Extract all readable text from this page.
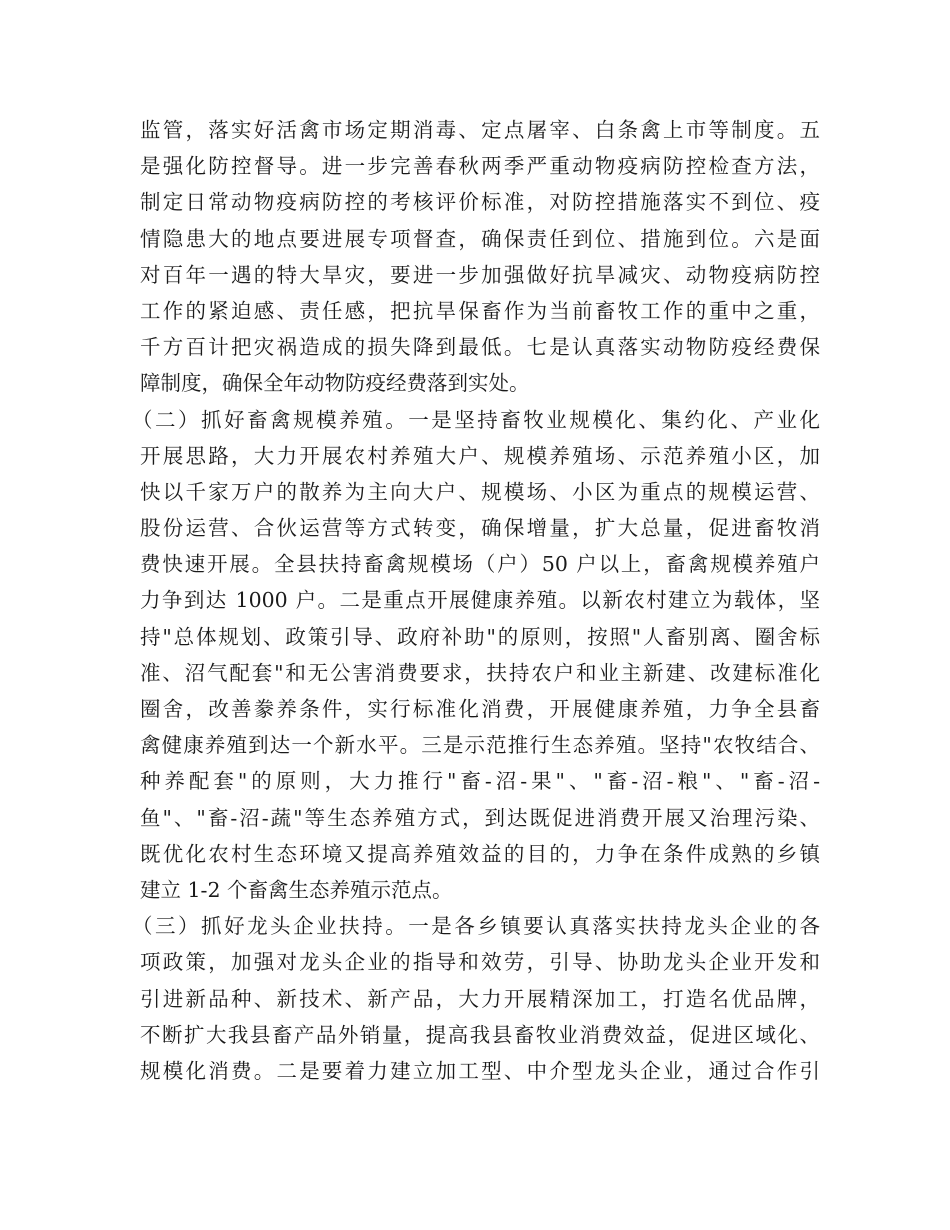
监管，落实好活禽市场定期消毒、定点屠宰、白条禽上市等制度。五
是强化防控督导。进一步完善春秋两季严重动物疫病防控检查方法，
制定日常动物疫病防控的考核评价标准，对防控措施落实不到位、疫
情隐患大的地点要进展专项督查，确保责任到位、措施到位。六是面
对百年一遇的特大旱灾，要进一步加强做好抗旱减灾、动物疫病防控
工作的紧迫感、责任感，把抗旱保畜作为当前畜牧工作的重中之重，
千方百计把灾祸造成的损失降到最低。七是认真落实动物防疫经费保
障制度，确保全年动物防疫经费落到实处。
（二）抓好畜禽规模养殖。一是坚持畜牧业规模化、集约化、产业化
开展思路，大力开展农村养殖大户、规模养殖场、示范养殖小区，加
快以千家万户的散养为主向大户、规模场、小区为重点的规模运营、
股份运营、合伙运营等方式转变，确保增量，扩大总量，促进畜牧消
费快速开展。全县扶持畜禽规模场（户）50 户以上，畜禽规模养殖户
力争到达 1000 户。二是重点开展健康养殖。以新农村建立为载体，坚
持"总体规划、政策引导、政府补助"的原则，按照"人畜别离、圈舍标
准、沼气配套"和无公害消费要求，扶持农户和业主新建、改建标准化
圈舍，改善豢养条件，实行标准化消费，开展健康养殖，力争全县畜
禽健康养殖到达一个新水平。三是示范推行生态养殖。坚持"农牧结合、
种养配套"的原则，大力推行"畜-沼-果"、"畜-沼-粮"、"畜-沼-
鱼"、"畜-沼-蔬"等生态养殖方式，到达既促进消费开展又治理污染、
既优化农村生态环境又提高养殖效益的目的，力争在条件成熟的乡镇
建立 1-2 个畜禽生态养殖示范点。
（三）抓好龙头企业扶持。一是各乡镇要认真落实扶持龙头企业的各
项政策，加强对龙头企业的指导和效劳，引导、协助龙头企业开发和
引进新品种、新技术、新产品，大力开展精深加工，打造名优品牌，
不断扩大我县畜产品外销量，提高我县畜牧业消费效益，促进区域化、
规模化消费。二是要着力建立加工型、中介型龙头企业，通过合作引
